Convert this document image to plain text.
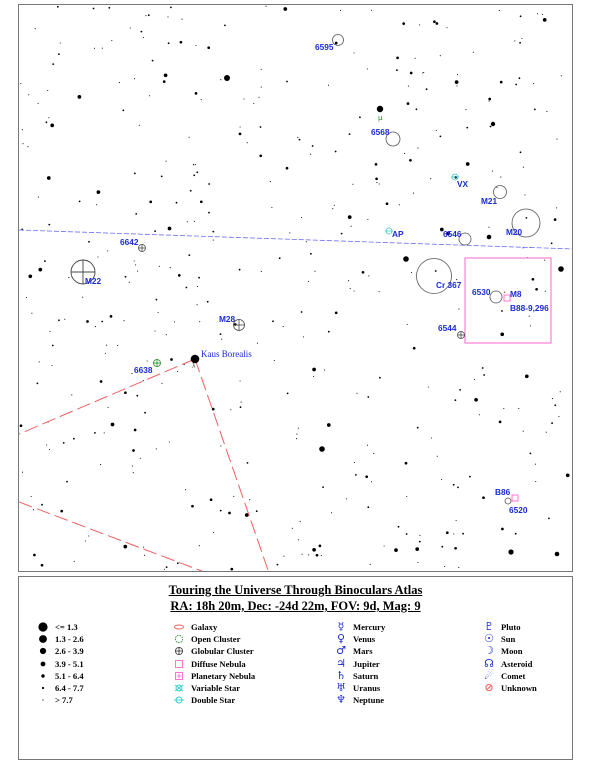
6595
6568
VX
M21
6642
AP	6546	M20
M22	Cr 367
6530 M8
B88-9,296
M28
6544
6638
B86
6520
Kaus Borealis
μ
λ
Touring the Universe Through Binoculars Atlas
RA: 18h 20m, Dec: -24d 22m, FOV: 9d, Mag: 9
<= 1.3
1.3 - 2.6
2.6 - 3.9
3.9 - 5.1
5.1 - 6.4
6.4 - 7.7
> 7.7
Galaxy
Open Cluster
Globular Cluster
Diffuse Nebula
Planetary Nebula
Variable Star
Double Star
☿	Mercury
♀ Venus
♂ Mars
♃ Jupiter
♄ Saturn
♅ Uranus
♆ Neptune
♇ Pluto
☉ Sun
☽ Moon
☊ Asteroid
☄ Comet
⊘ Unknown
